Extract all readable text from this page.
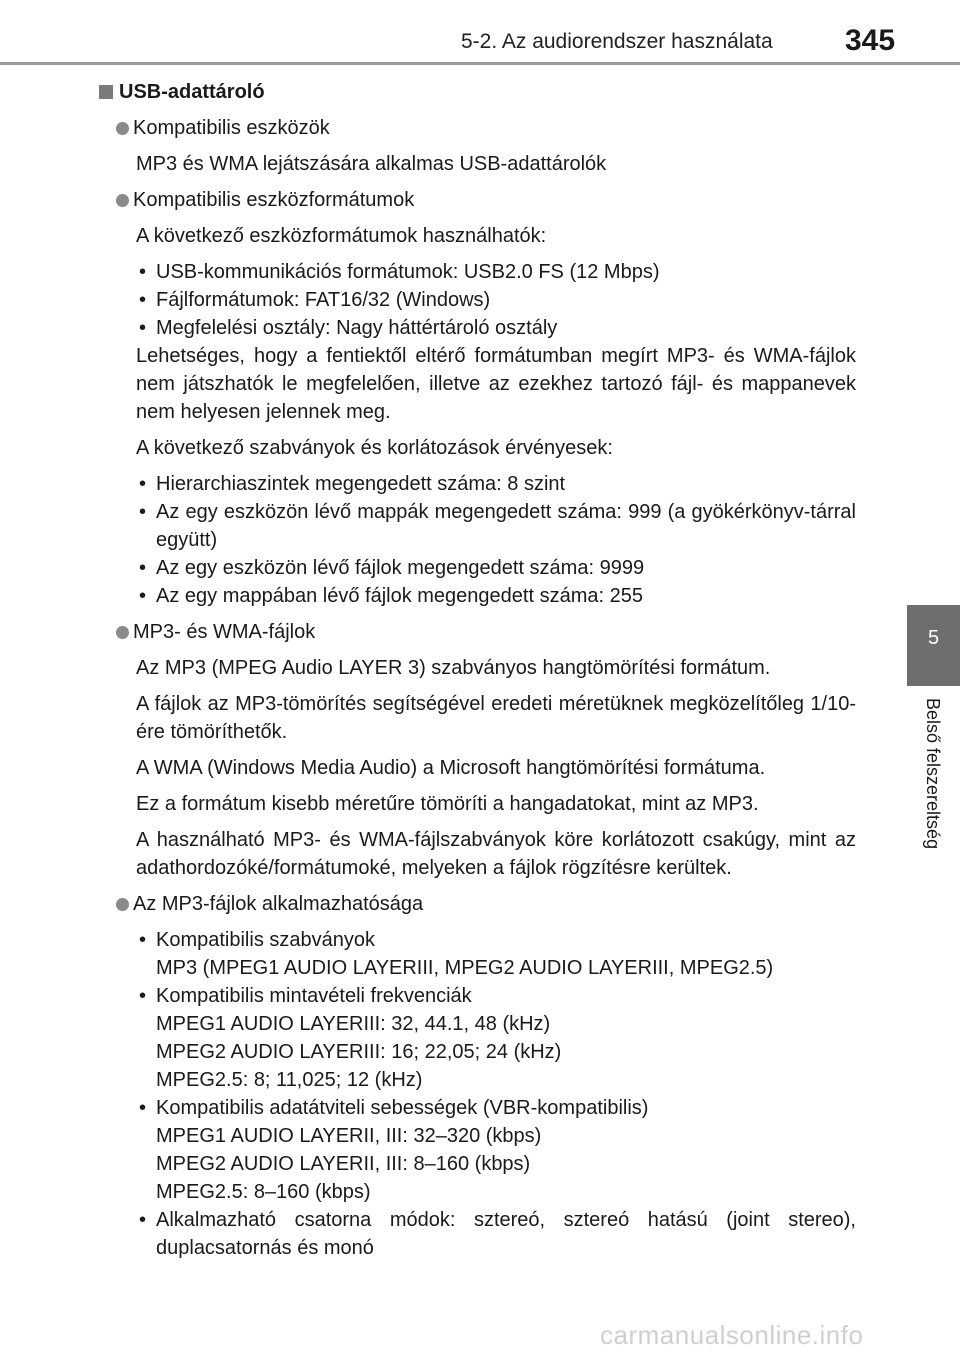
5-2. Az audiorendszer használata 345
5
Belső felszereltség
USB-adattároló
Kompatibilis eszközök
MP3 és WMA lejátszására alkalmas USB-adattárolók
Kompatibilis eszközformátumok
A következő eszközformátumok használhatók:
• USB-kommunikációs formátumok: USB2.0 FS (12 Mbps)
• Fájlformátumok: FAT16/32 (Windows)
• Megfelelési osztály: Nagy háttértároló osztály
Lehetséges, hogy a fentiektől eltérő formátumban megírt MP3- és WMA-fájlok nem játszhatók le megfelelően, illetve az ezekhez tartozó fájl- és mappanevek nem helyesen jelennek meg.
A következő szabványok és korlátozások érvényesek:
• Hierarchiaszintek megengedett száma: 8 szint
• Az egy eszközön lévő mappák megengedett száma: 999 (a gyökérkönyv-tárral együtt)
• Az egy eszközön lévő fájlok megengedett száma: 9999
• Az egy mappában lévő fájlok megengedett száma: 255
MP3- és WMA-fájlok
Az MP3 (MPEG Audio LAYER 3) szabványos hangtömörítési formátum.
A fájlok az MP3-tömörítés segítségével eredeti méretüknek megközelítőleg 1/10-ére tömöríthetők.
A WMA (Windows Media Audio) a Microsoft hangtömörítési formátuma.
Ez a formátum kisebb méretűre tömöríti a hangadatokat, mint az MP3.
A használható MP3- és WMA-fájlszabványok köre korlátozott csakúgy, mint az adathordozóké/formátumoké, melyeken a fájlok rögzítésre kerültek.
Az MP3-fájlok alkalmazhatósága
• Kompatibilis szabványok
MP3 (MPEG1 AUDIO LAYERIII, MPEG2 AUDIO LAYERIII, MPEG2.5)
• Kompatibilis mintavételi frekvenciák
MPEG1 AUDIO LAYERIII: 32, 44.1, 48 (kHz)
MPEG2 AUDIO LAYERIII: 16; 22,05; 24 (kHz)
MPEG2.5: 8; 11,025; 12 (kHz)
• Kompatibilis adatátviteli sebességek (VBR-kompatibilis)
MPEG1 AUDIO LAYERII, III: 32–320 (kbps)
MPEG2 AUDIO LAYERII, III: 8–160 (kbps)
MPEG2.5: 8–160 (kbps)
• Alkalmazható csatorna módok: sztereó, sztereó hatású (joint stereo), duplacsatornás és monó
carmanualsonline.info
